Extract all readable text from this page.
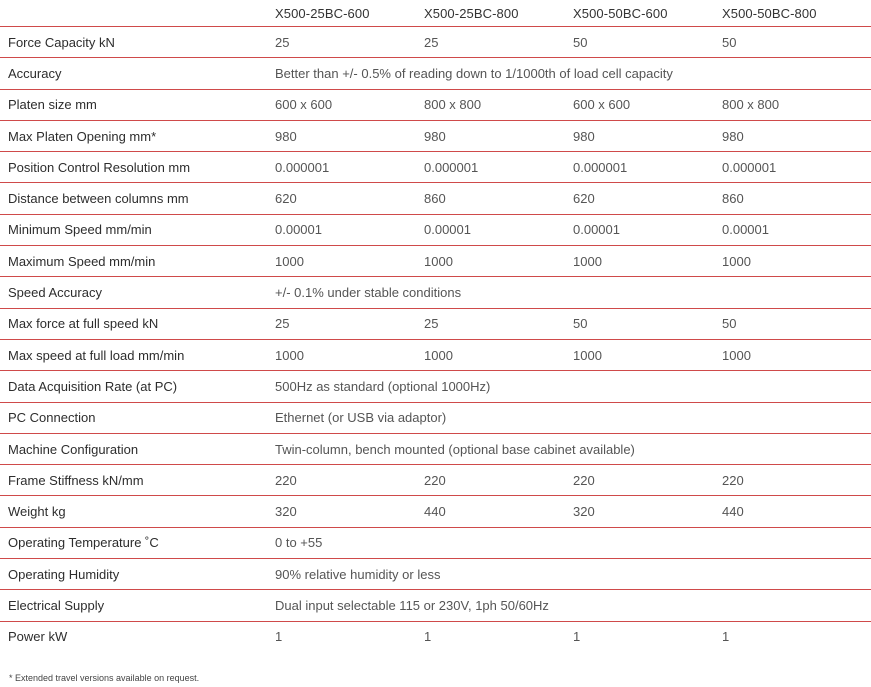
	X500-25BC-600	X500-25BC-800	X500-50BC-600	X500-50BC-800
Force Capacity kN	25	25	50	50
Accuracy	Better than +/- 0.5% of reading down to 1/1000th of load cell capacity			
Platen size mm	600 x 600	800 x 800	600 x 600	800 x 800
Max Platen Opening mm*	980	980	980	980
Position Control Resolution mm	0.000001	0.000001	0.000001	0.000001
Distance between columns mm	620	860	620	860
Minimum Speed mm/min	0.00001	0.00001	0.00001	0.00001
Maximum Speed mm/min	1000	1000	1000	1000
Speed Accuracy	+/- 0.1% under stable conditions			
Max force at full speed kN	25	25	50	50
Max speed at full load mm/min	1000	1000	1000	1000
Data Acquisition Rate (at PC)	500Hz as standard (optional 1000Hz)			
PC Connection	Ethernet (or USB via adaptor)			
Machine Configuration	Twin-column, bench mounted (optional base cabinet available)			
Frame Stiffness kN/mm	220	220	220	220
Weight kg	320	440	320	440
Operating Temperature ˚C	0 to +55			
Operating Humidity	90% relative humidity or less			
Electrical Supply	Dual input selectable 115 or 230V, 1ph 50/60Hz			
Power kW	1	1	1	1
* Extended travel versions available on request.
